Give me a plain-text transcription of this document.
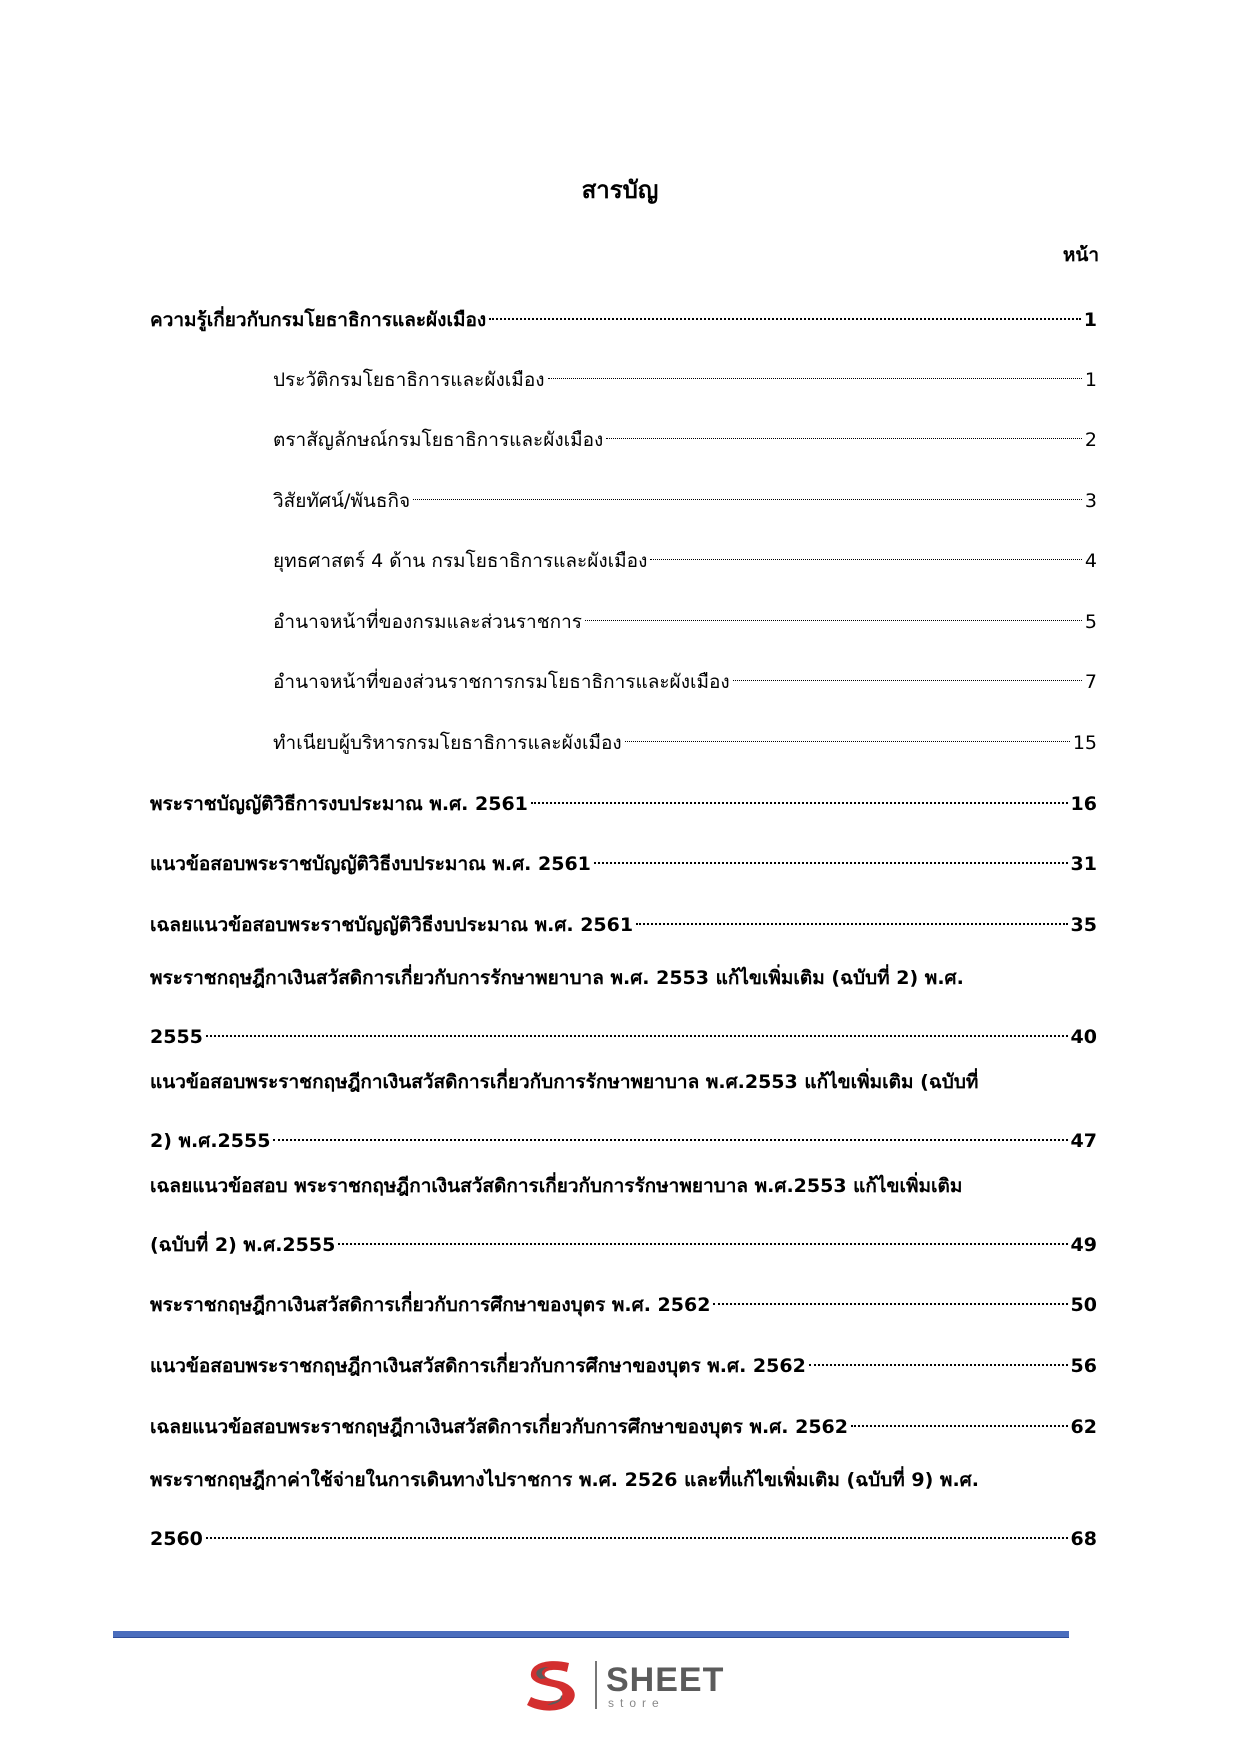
สารบัญ
หน้า
ความรู้เกี่ยวกับกรมโยธาธิการและผังเมือง	1
ประวัติกรมโยธาธิการและผังเมือง	1
ตราสัญลักษณ์กรมโยธาธิการและผังเมือง	2
วิสัยทัศน์/พันธกิจ	3
ยุทธศาสตร์ 4 ด้าน กรมโยธาธิการและผังเมือง	4
อำนาจหน้าที่ของกรมและส่วนราชการ	5
อำนาจหน้าที่ของส่วนราชการกรมโยธาธิการและผังเมือง	7
ทำเนียบผู้บริหารกรมโยธาธิการและผังเมือง	15
พระราชบัญญัติวิธีการงบประมาณ พ.ศ. 2561	16
แนวข้อสอบพระราชบัญญัติวิธีงบประมาณ พ.ศ. 2561	31
เฉลยแนวข้อสอบพระราชบัญญัติวิธีงบประมาณ พ.ศ. 2561	35
พระราชกฤษฎีกาเงินสวัสดิการเกี่ยวกับการรักษาพยาบาล พ.ศ. 2553 แก้ไขเพิ่มเติม (ฉบับที่ 2) พ.ศ.
2555	40
แนวข้อสอบพระราชกฤษฎีกาเงินสวัสดิการเกี่ยวกับการรักษาพยาบาล พ.ศ.2553 แก้ไขเพิ่มเติม (ฉบับที่
2) พ.ศ.2555	47
เฉลยแนวข้อสอบ พระราชกฤษฎีกาเงินสวัสดิการเกี่ยวกับการรักษาพยาบาล พ.ศ.2553 แก้ไขเพิ่มเติม
(ฉบับที่ 2) พ.ศ.2555	49
พระราชกฤษฎีกาเงินสวัสดิการเกี่ยวกับการศึกษาของบุตร พ.ศ. 2562	50
แนวข้อสอบพระราชกฤษฎีกาเงินสวัสดิการเกี่ยวกับการศึกษาของบุตร พ.ศ. 2562	56
เฉลยแนวข้อสอบพระราชกฤษฎีกาเงินสวัสดิการเกี่ยวกับการศึกษาของบุตร พ.ศ. 2562	62
พระราชกฤษฎีกาค่าใช้จ่ายในการเดินทางไปราชการ พ.ศ. 2526 และที่แก้ไขเพิ่มเติม (ฉบับที่ 9) พ.ศ.
2560	68
SHEET
store
